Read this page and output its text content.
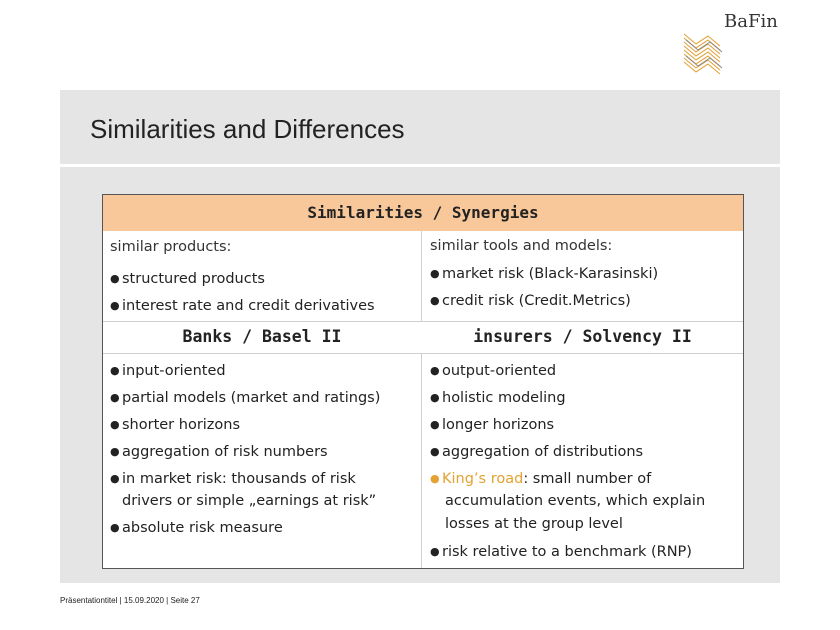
BaFin
Similarities and Differences
Similarities / Synergies
Banks / Basel II	insurers / Solvency II
similar products:
● structured products
● interest rate and credit derivatives
similar tools and models:
● market risk (Black-Karasinski)
● credit risk (Credit.Metrics)
● input-oriented
● partial models (market and ratings)
● shorter horizons
● aggregation of risk numbers
● in market risk: thousands of risk
drivers or simple „earnings at risk”
● absolute risk measure
● output-oriented
● holistic modeling
● longer horizons
● aggregation of distributions
● King’s road: small number of
accumulation events, which explain
losses at the group level
● risk relative to a benchmark (RNP)
Präsentationtitel | 15.09.2020 | Seite 27
